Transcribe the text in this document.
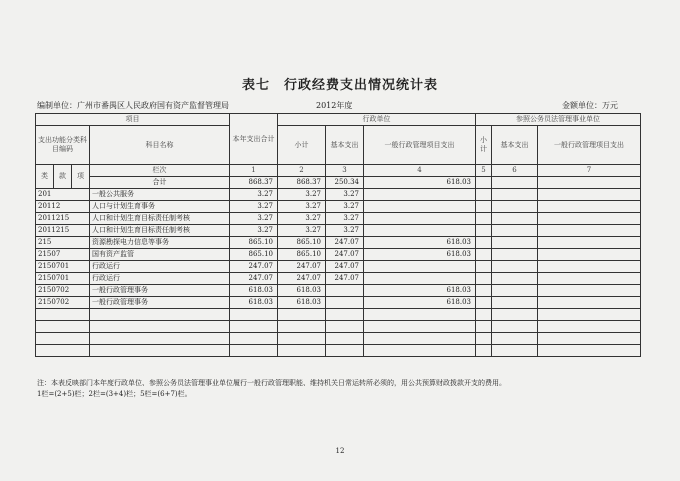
表七　行政经费支出情况统计表
编制单位：广州市番禺区人民政府国有资产监督管理局	2012年度	金额单位：万元
项目				本年支出合计	行政单位			参照公务员法管理事业单位		
支出功能分类科目编码			科目名称		小计	基本支出	一般行政管理项目支出	小计	基本支出	一般行政管理项目支出
类	款	项	栏次	1	2	3	4	5	6	7
			合计	868.37	868.37	250.34	618.03			
201			一般公共服务	3.27	3.27	3.27				
20112			人口与计划生育事务	3.27	3.27	3.27				
2011215			人口和计划生育目标责任制考核	3.27	3.27	3.27				
2011215			人口和计划生育目标责任制考核	3.27	3.27	3.27				
215			资源勘探电力信息等事务	865.10	865.10	247.07	618.03			
21507			国有资产监管	865.10	865.10	247.07	618.03			
2150701			行政运行	247.07	247.07	247.07				
2150701			行政运行	247.07	247.07	247.07				
2150702			一般行政管理事务	618.03	618.03		618.03			
2150702			一般行政管理事务	618.03	618.03		618.03			

注：本表反映部门本年度行政单位、参照公务员法管理事业单位履行一般行政管理职能、维持机关日常运转所必须的，用公共预算财政拨款开支的费用。
1栏=(2+5)栏；2栏=(3+4)栏；5栏=(6+7)栏。
12
